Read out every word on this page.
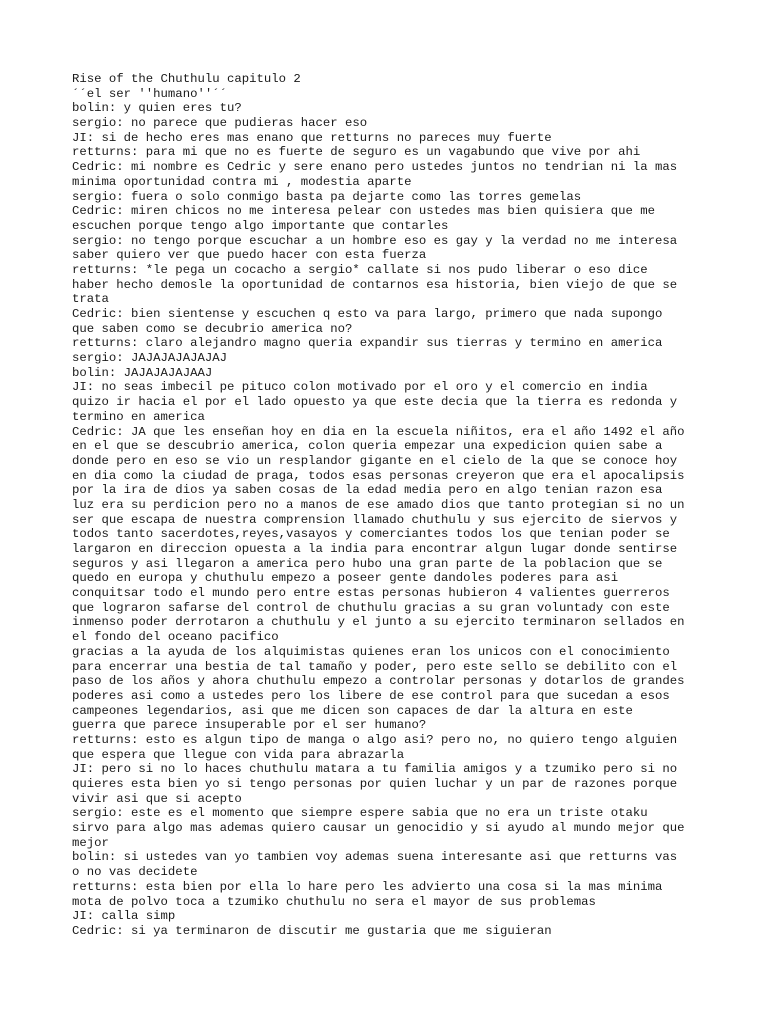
Rise of the Chuthulu capitulo 2
´´el ser ''humano''´´
bolin: y quien eres tu?
sergio: no parece que pudieras hacer eso
JI: si de hecho eres mas enano que retturns no pareces muy fuerte
retturns: para mi que no es fuerte de seguro es un vagabundo que vive por ahi
Cedric: mi nombre es Cedric y sere enano pero ustedes juntos no tendrian ni la mas
minima oportunidad contra mi , modestia aparte
sergio: fuera o solo conmigo basta pa dejarte como las torres gemelas
Cedric: miren chicos no me interesa pelear con ustedes mas bien quisiera que me
escuchen porque tengo algo importante que contarles
sergio: no tengo porque escuchar a un hombre eso es gay y la verdad no me interesa
saber quiero ver que puedo hacer con esta fuerza
retturns: *le pega un cocacho a sergio* callate si nos pudo liberar o eso dice
haber hecho demosle la oportunidad de contarnos esa historia, bien viejo de que se
trata
Cedric: bien sientense y escuchen q esto va para largo, primero que nada supongo
que saben como se decubrio america no?
retturns: claro alejandro magno queria expandir sus tierras y termino en america
sergio: JAJAJAJAJAJAJ
bolin: JAJAJAJAJAAJ
JI: no seas imbecil pe pituco colon motivado por el oro y el comercio en india
quizo ir hacia el por el lado opuesto ya que este decia que la tierra es redonda y
termino en america
Cedric: JA que les enseñan hoy en dia en la escuela niñitos, era el año 1492 el año
en el que se descubrio america, colon queria empezar una expedicion quien sabe a
donde pero en eso se vio un resplandor gigante en el cielo de la que se conoce hoy
en dia como la ciudad de praga, todos esas personas creyeron que era el apocalipsis
por la ira de dios ya saben cosas de la edad media pero en algo tenian razon esa
luz era su perdicion pero no a manos de ese amado dios que tanto protegian si no un
ser que escapa de nuestra comprension llamado chuthulu y sus ejercito de siervos y
todos tanto sacerdotes,reyes,vasayos y comerciantes todos los que tenian poder se
largaron en direccion opuesta a la india para encontrar algun lugar donde sentirse
seguros y asi llegaron a america pero hubo una gran parte de la poblacion que se
quedo en europa y chuthulu empezo a poseer gente dandoles poderes para asi
conquitsar todo el mundo pero entre estas personas hubieron 4 valientes guerreros
que lograron safarse del control de chuthulu gracias a su gran voluntady con este
inmenso poder derrotaron a chuthulu y el junto a su ejercito terminaron sellados en
el fondo del oceano pacifico
gracias a la ayuda de los alquimistas quienes eran los unicos con el conocimiento
para encerrar una bestia de tal tamaño y poder, pero este sello se debilito con el
paso de los años y ahora chuthulu empezo a controlar personas y dotarlos de grandes
poderes asi como a ustedes pero los libere de ese control para que sucedan a esos
campeones legendarios, asi que me dicen son capaces de dar la altura en este
guerra que parece insuperable por el ser humano?
retturns: esto es algun tipo de manga o algo asi? pero no, no quiero tengo alguien
que espera que llegue con vida para abrazarla
JI: pero si no lo haces chuthulu matara a tu familia amigos y a tzumiko pero si no
quieres esta bien yo si tengo personas por quien luchar y un par de razones porque
vivir asi que si acepto
sergio: este es el momento que siempre espere sabia que no era un triste otaku
sirvo para algo mas ademas quiero causar un genocidio y si ayudo al mundo mejor que
mejor
bolin: si ustedes van yo tambien voy ademas suena interesante asi que retturns vas
o no vas decidete
retturns: esta bien por ella lo hare pero les advierto una cosa si la mas minima
mota de polvo toca a tzumiko chuthulu no sera el mayor de sus problemas
JI: calla simp
Cedric: si ya terminaron de discutir me gustaria que me siguieran
